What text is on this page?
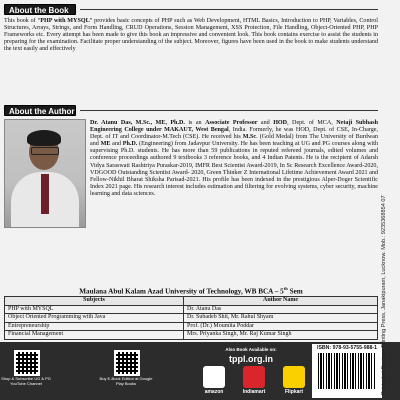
About the Book

This book of “PHP with MYSQL” provides basic concepts of PHP such as Web Development, HTML Basics, Introduction to PHP, Variables, Control Structures, Arrays, Strings, and Form Handling, CRUD Operations, Session Management, XSS Protection, File Handling, Object-Oriented PHP, PHP Frameworks etc. Every attempt has been made to give this book an impressive and convenient look. This book contains exercise to assist the students in preparing for the examination. Facilitate proper understanding of the subject. Moreover, figures have been used in the book to make students understand the text easily and effectively

About the Author

Dr. Atanu Das, M.Sc., ME, Ph.D. is an Associate Professor and HOD, Dept. of MCA, Netaji Subhash Engineering College under MAKAUT, West Bengal, India. Formerly, he was HOD, Dept. of CSE, In-Charge, Dept. of IT and Coordinator-M.Tech (CSE). He received his M.Sc. (Gold Medal) from The University of Burdwan and ME and Ph.D. (Engineering) from Jadavpur University. He has been teaching at UG and PG courses along with supervising Ph.D. students. He has more than 59 publications in reputed refereed journals, edited volumes and conference proceedings authored 9 textbooks 3 reference books, and 4 Indian Patents. He is the recipient of Adarsh Vidya Saraswati Rashtriya Puraskar-2019, IMFR Best Scientist Award-2019, In Sc Research Excellence Award-2020, VDGOOD Outstanding Scientist Award- 2020, Green Thinker Z International Lifetime Achievement Award 2021 and Fellow-Nikhil Bharat Shiksha Parisad-2021. His profile has been indexed in the prestigious Alper-Doger Scientific Index 2021 page. His research interest includes estimation and filtering for evolving systems, cyber security, machine learning and data sciences.

Maulana Abul Kalam Azad University of Technology, WB BCA – 5th Sem
Subjects	Author Name
PHP with MYSQL	Dr. Atanu Das
Object Oriented Programming with Java	Dr. Subadeb Shit, Mr. Rahul Shyam
Entrepreneurship	Prof. (Dr.) Moumita Poddar
Financial Management	Mrs. Priyanka Singh, Mr. Raj Kumar Singh
Shop & Subscribe UG & PG YouTube Channel
Buy E-Book Edition at Google Play Books
Also Book Available on:
tppl.org.in
amazon	Indiamart	Flipkart
ISBN: 978-93-5755-988-1 Printed at Sanjeev Printing Press, Janakipuram, Lucknow. Mob.: 9235368854 07
